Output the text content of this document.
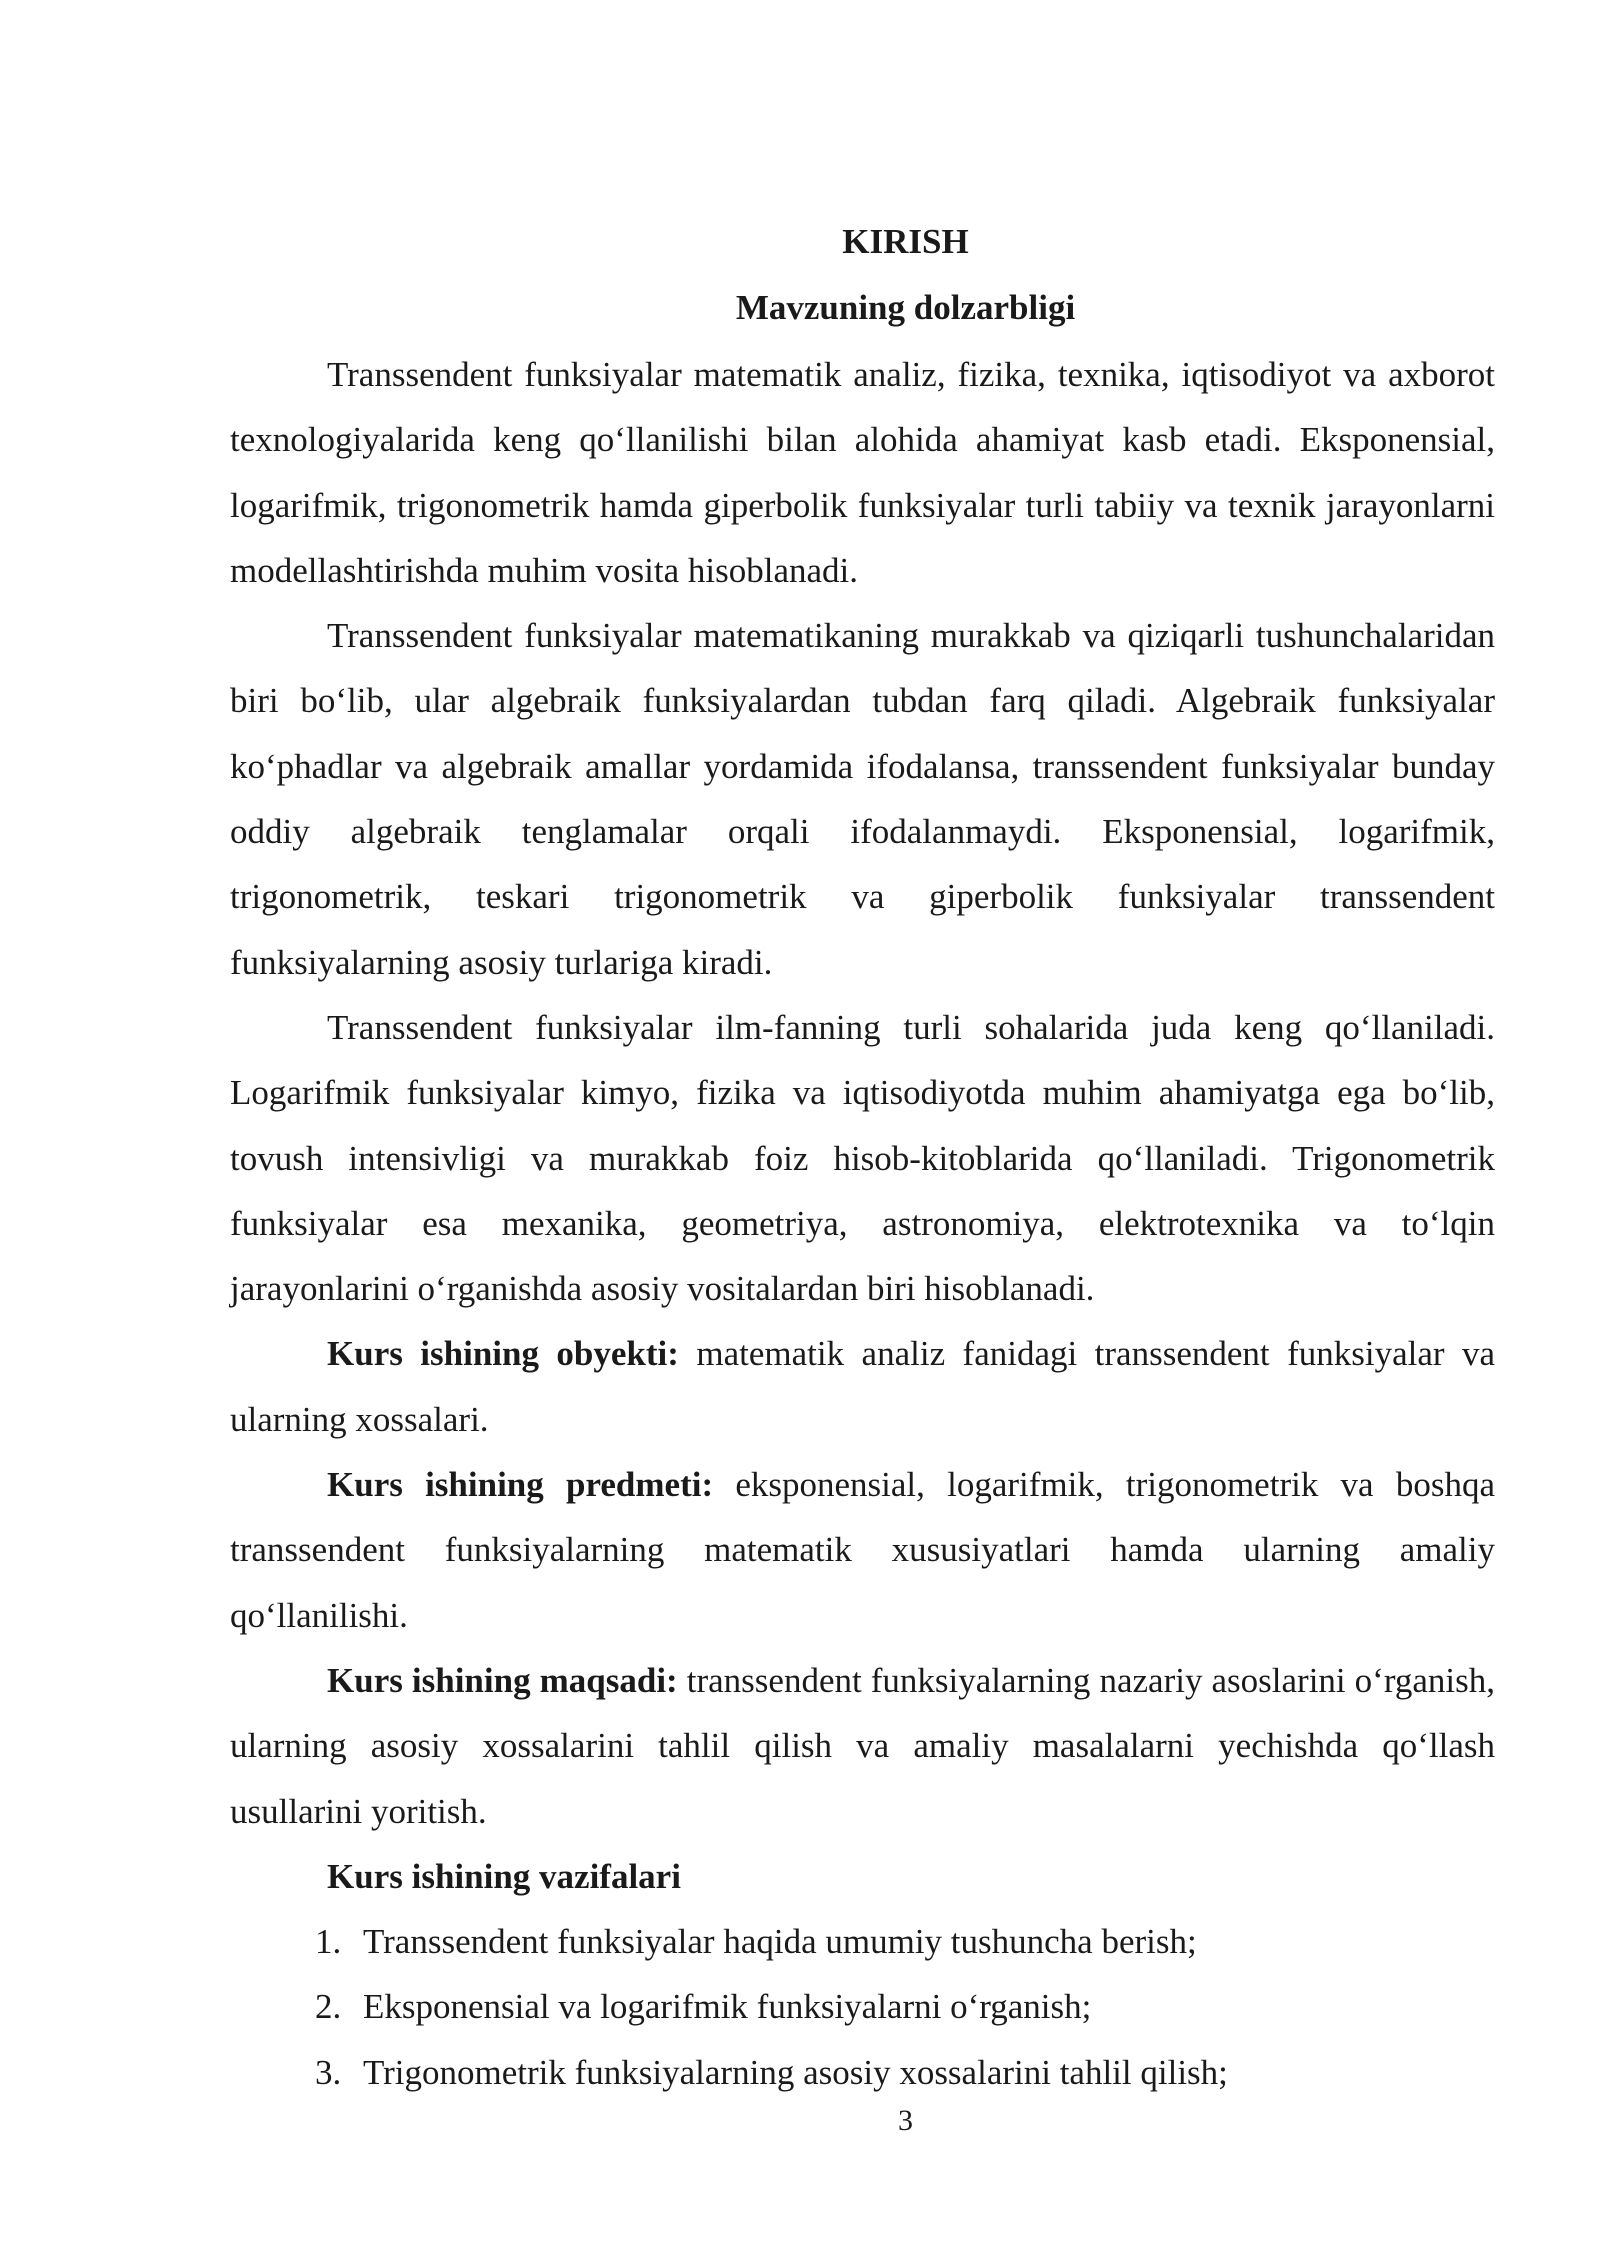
KIRISH
Mavzuning dolzarbligi

Transsendent funksiyalar matematik analiz, fizika, texnika, iqtisodiyot va axborot texnologiyalarida keng qo‘llanilishi bilan alohida ahamiyat kasb etadi. Eksponensial, logarifmik, trigonometrik hamda giperbolik funksiyalar turli tabiiy va texnik jarayonlarni modellashtirishda muhim vosita hisoblanadi.

Transsendent funksiyalar matematikaning murakkab va qiziqarli tushunchalaridan biri bo‘lib, ular algebraik funksiyalardan tubdan farq qiladi. Algebraik funksiyalar ko‘phadlar va algebraik amallar yordamida ifodalansa, transsendent funksiyalar bunday oddiy algebraik tenglamalar orqali ifodalanmaydi. Eksponensial, logarifmik, trigonometrik, teskari trigonometrik va giperbolik funksiyalar transsendent funksiyalarning asosiy turlariga kiradi.

Transsendent funksiyalar ilm-fanning turli sohalarida juda keng qo‘llaniladi. Logarifmik funksiyalar kimyo, fizika va iqtisodiyotda muhim ahamiyatga ega bo‘lib, tovush intensivligi va murakkab foiz hisob-kitoblarida qo‘llaniladi. Trigonometrik funksiyalar esa mexanika, geometriya, astronomiya, elektrotexnika va to‘lqin jarayonlarini o‘rganishda asosiy vositalardan biri hisoblanadi.

Kurs ishining obyekti: matematik analiz fanidagi transsendent funksiyalar va ularning xossalari.

Kurs ishining predmeti: eksponensial, logarifmik, trigonometrik va boshqa transsendent funksiyalarning matematik xususiyatlari hamda ularning amaliy qo‘llanilishi.

Kurs ishining maqsadi: transsendent funksiyalarning nazariy asoslarini o‘rganish, ularning asosiy xossalarini tahlil qilish va amaliy masalalarni yechishda qo‘llash usullarini yoritish.

Kurs ishining vazifalari

1. Transsendent funksiyalar haqida umumiy tushuncha berish;
2. Eksponensial va logarifmik funksiyalarni o‘rganish;
3. Trigonometrik funksiyalarning asosiy xossalarini tahlil qilish;
3
